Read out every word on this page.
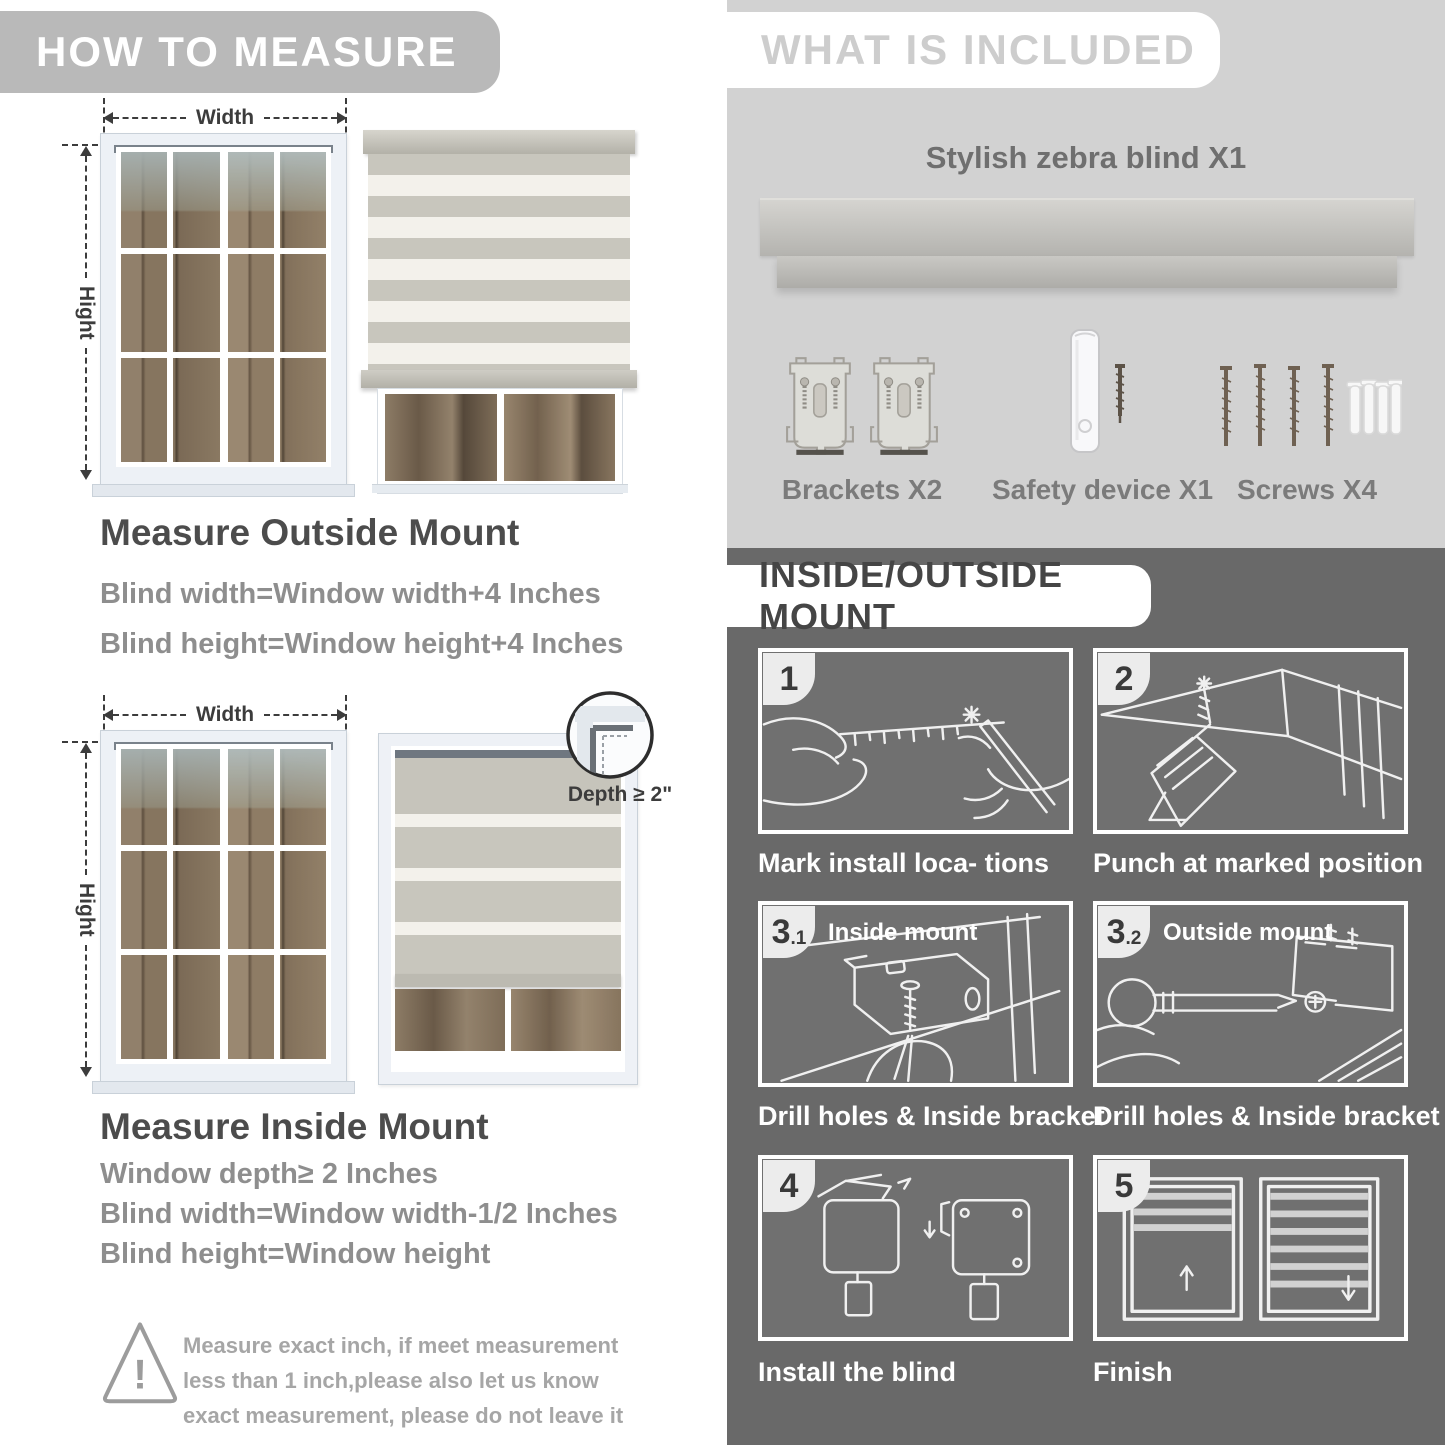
HOW TO MEASURE
Width
Hight
Measure Outside Mount
Blind width=Window width+4 Inches
Blind height=Window height+4 Inches
Width
Hight
Depth ≥ 2"
Measure Inside Mount
Window depth≥ 2 Inches
Blind width=Window width-1/2 Inches
Blind height=Window height
!
Measure exact inch, if meet measurement less than 1 inch,please also let us know exact measurement, please do not leave it
WHAT IS INCLUDED
Stylish zebra blind X1
Brackets X2	Safety device X1 Screws X4
INSIDE/OUTSIDE MOUNT
1
Mark install loca- tions
2
Punch at marked position
3 .1 Inside mount
Drill holes & Inside bracket
3 .2 Outside mount
Drill holes & Inside bracket
4
Install the blind
5
Finish
